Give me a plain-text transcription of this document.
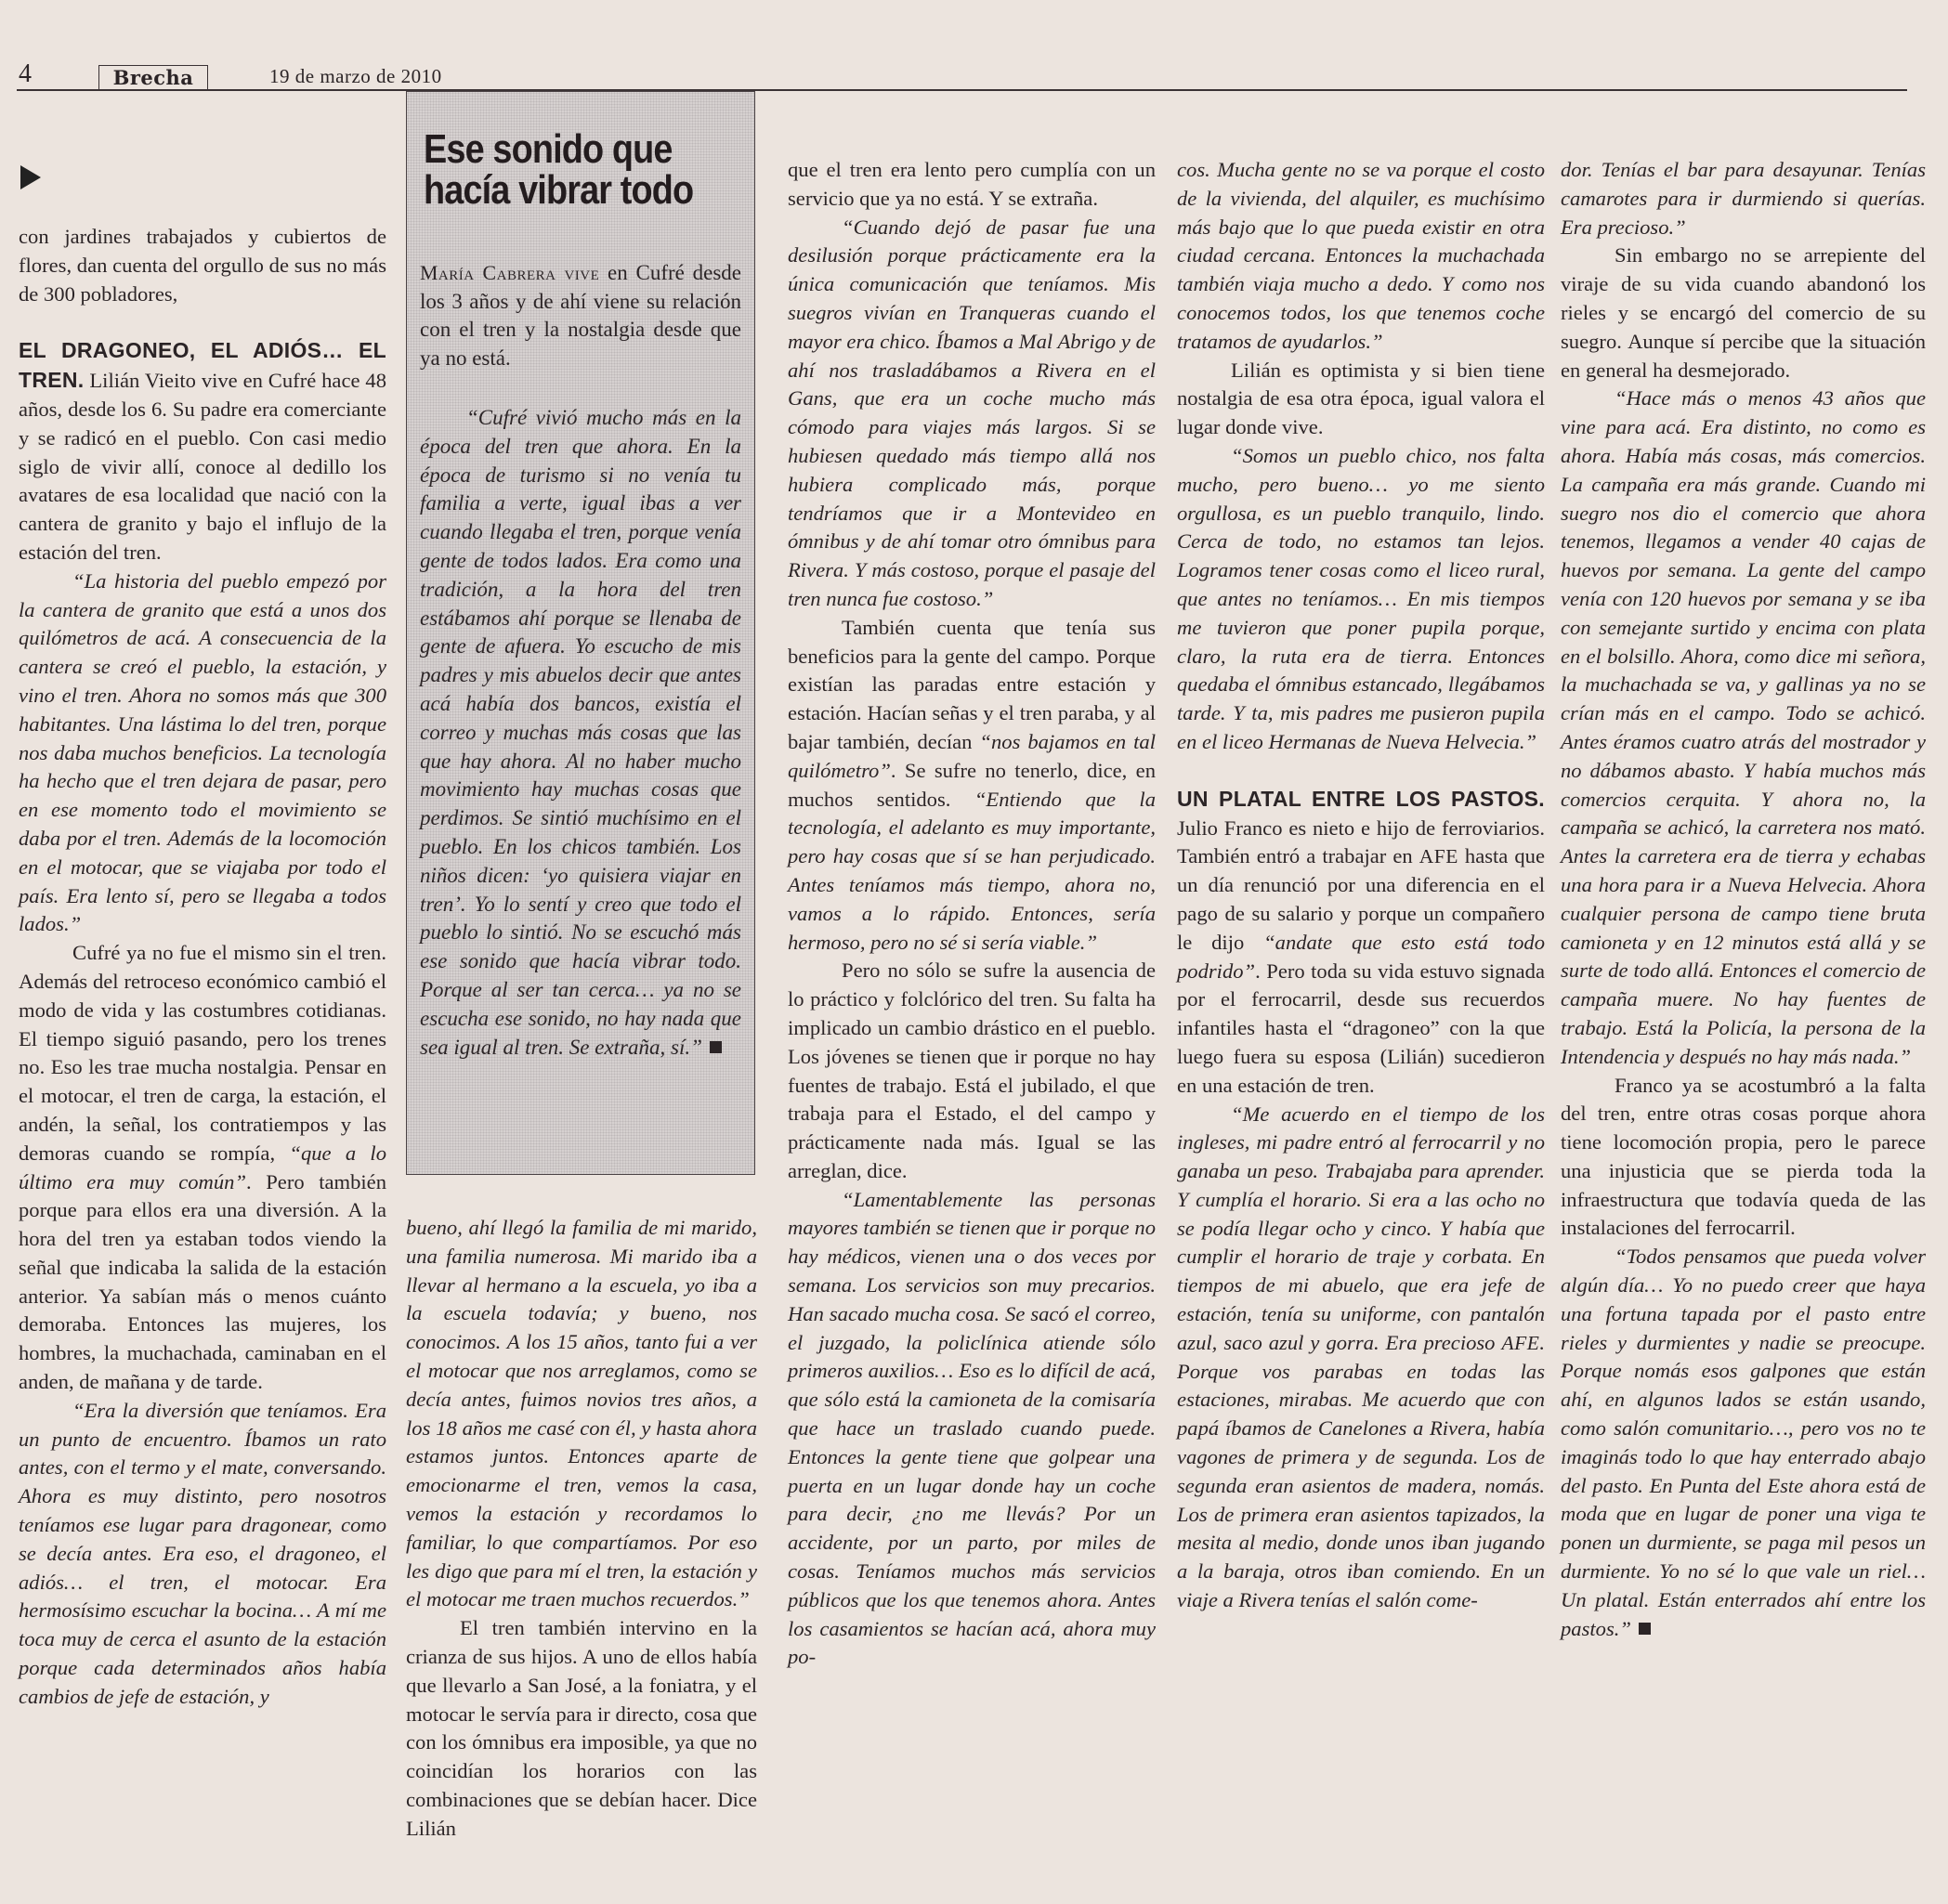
4	Brecha	19 de marzo de 2010

con jardines trabajados y cubiertos de flores, dan cuenta del orgullo de sus no más de 300 pobladores,

EL DRAGONEO, EL ADIÓS… EL TREN. Lilián Vieito vive en Cufré hace 48 años, desde los 6. Su padre era comerciante y se radicó en el pueblo. Con casi medio siglo de vivir allí, conoce al dedillo los avatares de esa localidad que nació con la cantera de granito y bajo el influjo de la estación del tren.

“La historia del pueblo empezó por la cantera de granito que está a unos dos quilómetros de acá. A consecuencia de la cantera se creó el pueblo, la estación, y vino el tren. Ahora no somos más que 300 habitantes. Una lástima lo del tren, porque nos daba muchos beneficios. La tecnología ha hecho que el tren dejara de pasar, pero en ese momento todo el movimiento se daba por el tren. Además de la locomoción en el motocar, que se viajaba por todo el país. Era lento sí, pero se llegaba a todos lados.”

Cufré ya no fue el mismo sin el tren. Además del retroceso económico cambió el modo de vida y las costumbres cotidianas. El tiempo siguió pasando, pero los trenes no. Eso les trae mucha nostalgia. Pensar en el motocar, el tren de carga, la estación, el andén, la señal, los contratiempos y las demoras cuando se rompía, “que a lo último era muy común”. Pero también porque para ellos era una diversión. A la hora del tren ya estaban todos viendo la señal que indicaba la salida de la estación anterior. Ya sabían más o menos cuánto demoraba. Entonces las mujeres, los hombres, la muchachada, caminaban en el anden, de mañana y de tarde.

“Era la diversión que teníamos. Era un punto de encuentro. Íbamos un rato antes, con el termo y el mate, conversando. Ahora es muy distinto, pero nosotros teníamos ese lugar para dragonear, como se decía antes. Era eso, el dragoneo, el adiós… el tren, el motocar. Era hermosísimo escuchar la bocina… A mí me toca muy de cerca el asunto de la estación porque cada determinados años había cambios de jefe de estación, y

Ese sonido que hacía vibrar todo

María Cabrera vive en Cufré desde los 3 años y de ahí viene su relación con el tren y la nostalgia desde que ya no está.

“Cufré vivió mucho más en la época del tren que ahora. En la época de turismo si no venía tu familia a verte, igual ibas a ver cuando llegaba el tren, porque venía gente de todos lados. Era como una tradición, a la hora del tren estábamos ahí porque se llenaba de gente de afuera. Yo escucho de mis padres y mis abuelos decir que antes acá había dos bancos, existía el correo y muchas más cosas que las que hay ahora. Al no haber mucho movimiento hay muchas cosas que perdimos. Se sintió muchísimo en el pueblo. En los chicos también. Los niños dicen: ‘yo quisiera viajar en tren’. Yo lo sentí y creo que todo el pueblo lo sintió. No se escuchó más ese sonido que hacía vibrar todo. Porque al ser tan cerca… ya no se escucha ese sonido, no hay nada que sea igual al tren. Se extraña, sí.”

bueno, ahí llegó la familia de mi marido, una familia numerosa. Mi marido iba a llevar al hermano a la escuela, yo iba a la escuela todavía; y bueno, nos conocimos. A los 15 años, tanto fui a ver el motocar que nos arreglamos, como se decía antes, fuimos novios tres años, a los 18 años me casé con él, y hasta ahora estamos juntos. Entonces aparte de emocionarme el tren, vemos la casa, vemos la estación y recordamos lo familiar, lo que compartíamos. Por eso les digo que para mí el tren, la estación y el motocar me traen muchos recuerdos.”

El tren también intervino en la crianza de sus hijos. A uno de ellos había que llevarlo a San José, a la foniatra, y el motocar le servía para ir directo, cosa que con los ómnibus era imposible, ya que no coincidían los horarios con las combinaciones que se debían hacer. Dice Lilián

que el tren era lento pero cumplía con un servicio que ya no está. Y se extraña.

“Cuando dejó de pasar fue una desilusión porque prácticamente era la única comunicación que teníamos. Mis suegros vivían en Tranqueras cuando el mayor era chico. Íbamos a Mal Abrigo y de ahí nos trasladábamos a Rivera en el Gans, que era un coche mucho más cómodo para viajes más largos. Si se hubiesen quedado más tiempo allá nos hubiera complicado más, porque tendríamos que ir a Montevideo en ómnibus y de ahí tomar otro ómnibus para Rivera. Y más costoso, porque el pasaje del tren nunca fue costoso.”

También cuenta que tenía sus beneficios para la gente del campo. Porque existían las paradas entre estación y estación. Hacían señas y el tren paraba, y al bajar también, decían “nos bajamos en tal quilómetro”. Se sufre no tenerlo, dice, en muchos sentidos. “Entiendo que la tecnología, el adelanto es muy importante, pero hay cosas que sí se han perjudicado. Antes teníamos más tiempo, ahora no, vamos a lo rápido. Entonces, sería hermoso, pero no sé si sería viable.”

Pero no sólo se sufre la ausencia de lo práctico y folclórico del tren. Su falta ha implicado un cambio drástico en el pueblo. Los jóvenes se tienen que ir porque no hay fuentes de trabajo. Está el jubilado, el que trabaja para el Estado, el del campo y prácticamente nada más. Igual se las arreglan, dice.

“Lamentablemente las personas mayores también se tienen que ir porque no hay médicos, vienen una o dos veces por semana. Los servicios son muy precarios. Han sacado mucha cosa. Se sacó el correo, el juzgado, la policlínica atiende sólo primeros auxilios… Eso es lo difícil de acá, que sólo está la camioneta de la comisaría que hace un traslado cuando puede. Entonces la gente tiene que golpear una puerta en un lugar donde hay un coche para decir, ¿no me llevás? Por un accidente, por un parto, por miles de cosas. Teníamos muchos más servicios públicos que los que tenemos ahora. Antes los casamientos se hacían acá, ahora muy po-

cos. Mucha gente no se va porque el costo de la vivienda, del alquiler, es muchísimo más bajo que lo que pueda existir en otra ciudad cercana. Entonces la muchachada también viaja mucho a dedo. Y como nos conocemos todos, los que tenemos coche tratamos de ayudarlos.”

Lilián es optimista y si bien tiene nostalgia de esa otra época, igual valora el lugar donde vive.

“Somos un pueblo chico, nos falta mucho, pero bueno… yo me siento orgullosa, es un pueblo tranquilo, lindo. Cerca de todo, no estamos tan lejos. Logramos tener cosas como el liceo rural, que antes no teníamos… En mis tiempos me tuvieron que poner pupila porque, claro, la ruta era de tierra. Entonces quedaba el ómnibus estancado, llegábamos tarde. Y ta, mis padres me pusieron pupila en el liceo Hermanas de Nueva Helvecia.”

UN PLATAL ENTRE LOS PASTOS. Julio Franco es nieto e hijo de ferroviarios. También entró a trabajar en AFE hasta que un día renunció por una diferencia en el pago de su salario y porque un compañero le dijo “andate que esto está todo podrido”. Pero toda su vida estuvo signada por el ferrocarril, desde sus recuerdos infantiles hasta el “dragoneo” con la que luego fuera su esposa (Lilián) sucedieron en una estación de tren.

“Me acuerdo en el tiempo de los ingleses, mi padre entró al ferrocarril y no ganaba un peso. Trabajaba para aprender. Y cumplía el horario. Si era a las ocho no se podía llegar ocho y cinco. Y había que cumplir el horario de traje y corbata. En tiempos de mi abuelo, que era jefe de estación, tenía su uniforme, con pantalón azul, saco azul y gorra. Era precioso AFE. Porque vos parabas en todas las estaciones, mirabas. Me acuerdo que con papá íbamos de Canelones a Rivera, había vagones de primera y de segunda. Los de segunda eran asientos de madera, nomás. Los de primera eran asientos tapizados, la mesita al medio, donde unos iban jugando a la baraja, otros iban comiendo. En un viaje a Rivera tenías el salón come-

dor. Tenías el bar para desayunar. Tenías camarotes para ir durmiendo si querías. Era precioso.”

Sin embargo no se arrepiente del viraje de su vida cuando abandonó los rieles y se encargó del comercio de su suegro. Aunque sí percibe que la situación en general ha desmejorado.

“Hace más o menos 43 años que vine para acá. Era distinto, no como es ahora. Había más cosas, más comercios. La campaña era más grande. Cuando mi suegro nos dio el comercio que ahora tenemos, llegamos a vender 40 cajas de huevos por semana. La gente del campo venía con 120 huevos por semana y se iba con semejante surtido y encima con plata en el bolsillo. Ahora, como dice mi señora, la muchachada se va, y gallinas ya no se crían más en el campo. Todo se achicó. Antes éramos cuatro atrás del mostrador y no dábamos abasto. Y había muchos más comercios cerquita. Y ahora no, la campaña se achicó, la carretera nos mató. Antes la carretera era de tierra y echabas una hora para ir a Nueva Helvecia. Ahora cualquier persona de campo tiene bruta camioneta y en 12 minutos está allá y se surte de todo allá. Entonces el comercio de campaña muere. No hay fuentes de trabajo. Está la Policía, la persona de la Intendencia y después no hay más nada.”

Franco ya se acostumbró a la falta del tren, entre otras cosas porque ahora tiene locomoción propia, pero le parece una injusticia que se pierda toda la infraestructura que todavía queda de las instalaciones del ferrocarril.

“Todos pensamos que pueda volver algún día… Yo no puedo creer que haya una fortuna tapada por el pasto entre rieles y durmientes y nadie se preocupe. Porque nomás esos galpones que están ahí, en algunos lados se están usando, como salón comunitario…, pero vos no te imaginás todo lo que hay enterrado abajo del pasto. En Punta del Este ahora está de moda que en lugar de poner una viga te ponen un durmiente, se paga mil pesos un durmiente. Yo no sé lo que vale un riel… Un platal. Están enterrados ahí entre los pastos.”
